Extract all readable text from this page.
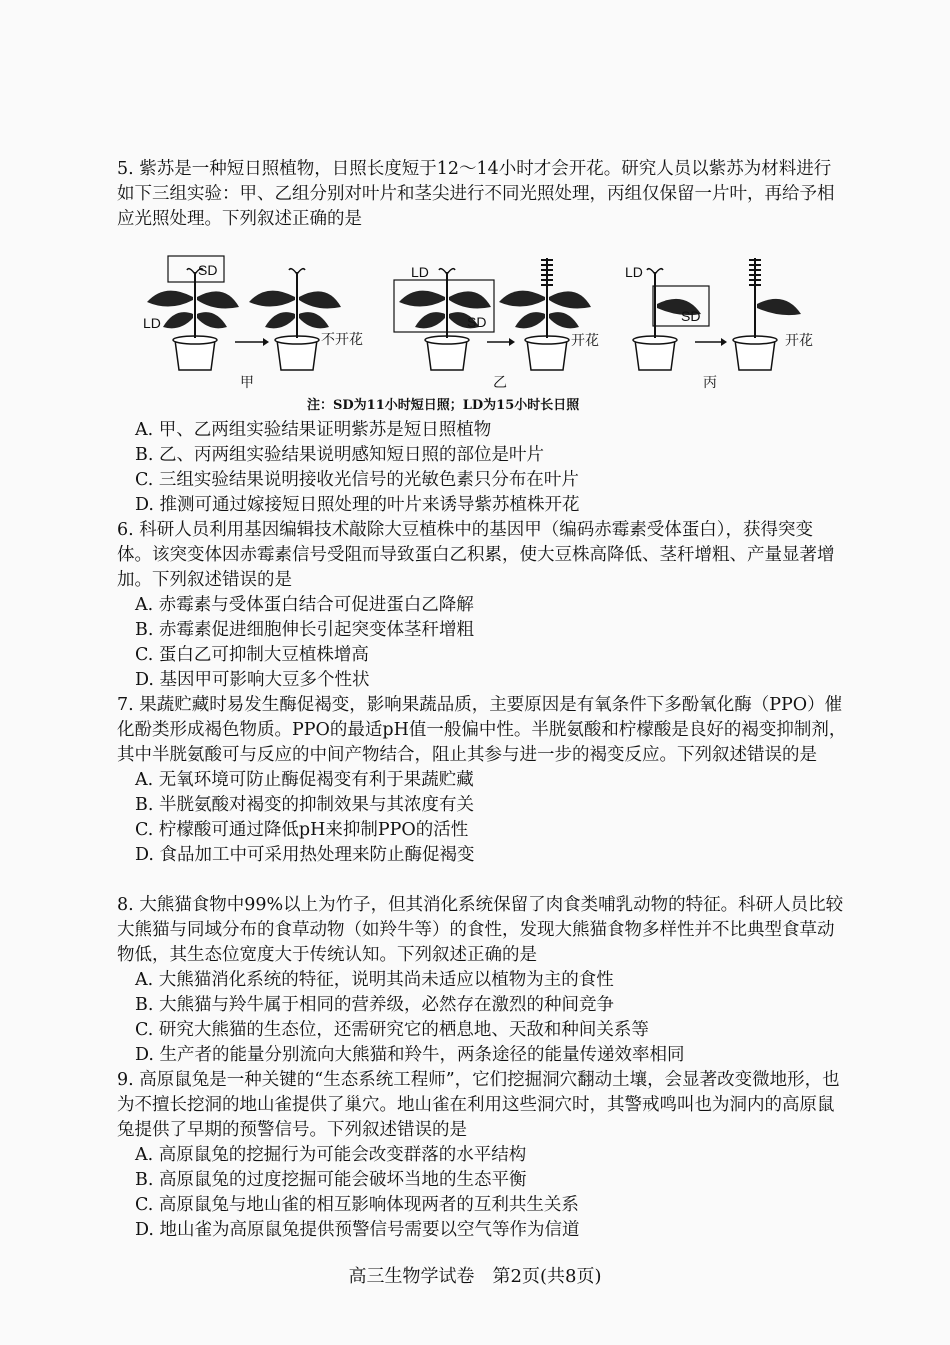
5. 紫苏是一种短日照植物，日照长度短于12～14小时才会开花。研究人员以紫苏为材料进行如下三组实验：甲、乙组分别对叶片和茎尖进行不同光照处理，丙组仅保留一片叶，再给予相应光照处理。下列叙述正确的是
SD
LD
不开花
LD
SD
开花
LD
SD
开花
甲	乙	丙
注：SD为11小时短日照；LD为15小时长日照
A. 甲、乙两组实验结果证明紫苏是短日照植物
B. 乙、丙两组实验结果说明感知短日照的部位是叶片
C. 三组实验结果说明接收光信号的光敏色素只分布在叶片
D. 推测可通过嫁接短日照处理的叶片来诱导紫苏植株开花
6. 科研人员利用基因编辑技术敲除大豆植株中的基因甲（编码赤霉素受体蛋白），获得突变体。该突变体因赤霉素信号受阻而导致蛋白乙积累，使大豆株高降低、茎秆增粗、产量显著增加。下列叙述错误的是
A. 赤霉素与受体蛋白结合可促进蛋白乙降解
B. 赤霉素促进细胞伸长引起突变体茎秆增粗
C. 蛋白乙可抑制大豆植株增高
D. 基因甲可影响大豆多个性状
7. 果蔬贮藏时易发生酶促褐变，影响果蔬品质，主要原因是有氧条件下多酚氧化酶（PPO）催化酚类形成褐色物质。PPO的最适pH值一般偏中性。半胱氨酸和柠檬酸是良好的褐变抑制剂，其中半胱氨酸可与反应的中间产物结合，阻止其参与进一步的褐变反应。下列叙述错误的是
A. 无氧环境可防止酶促褐变有利于果蔬贮藏
B. 半胱氨酸对褐变的抑制效果与其浓度有关
C. 柠檬酸可通过降低pH来抑制PPO的活性
D. 食品加工中可采用热处理来防止酶促褐变
8. 大熊猫食物中99%以上为竹子，但其消化系统保留了肉食类哺乳动物的特征。科研人员比较大熊猫与同域分布的食草动物（如羚牛等）的食性，发现大熊猫食物多样性并不比典型食草动物低，其生态位宽度大于传统认知。下列叙述正确的是
A. 大熊猫消化系统的特征，说明其尚未适应以植物为主的食性
B. 大熊猫与羚牛属于相同的营养级，必然存在激烈的种间竞争
C. 研究大熊猫的生态位，还需研究它的栖息地、天敌和种间关系等
D. 生产者的能量分别流向大熊猫和羚牛，两条途径的能量传递效率相同
9. 高原鼠兔是一种关键的“生态系统工程师”，它们挖掘洞穴翻动土壤，会显著改变微地形，也为不擅长挖洞的地山雀提供了巢穴。地山雀在利用这些洞穴时，其警戒鸣叫也为洞内的高原鼠兔提供了早期的预警信号。下列叙述错误的是
A. 高原鼠兔的挖掘行为可能会改变群落的水平结构
B. 高原鼠兔的过度挖掘可能会破坏当地的生态平衡
C. 高原鼠兔与地山雀的相互影响体现两者的互利共生关系
D. 地山雀为高原鼠兔提供预警信号需要以空气等作为信道
高三生物学试卷　第2页(共8页)
